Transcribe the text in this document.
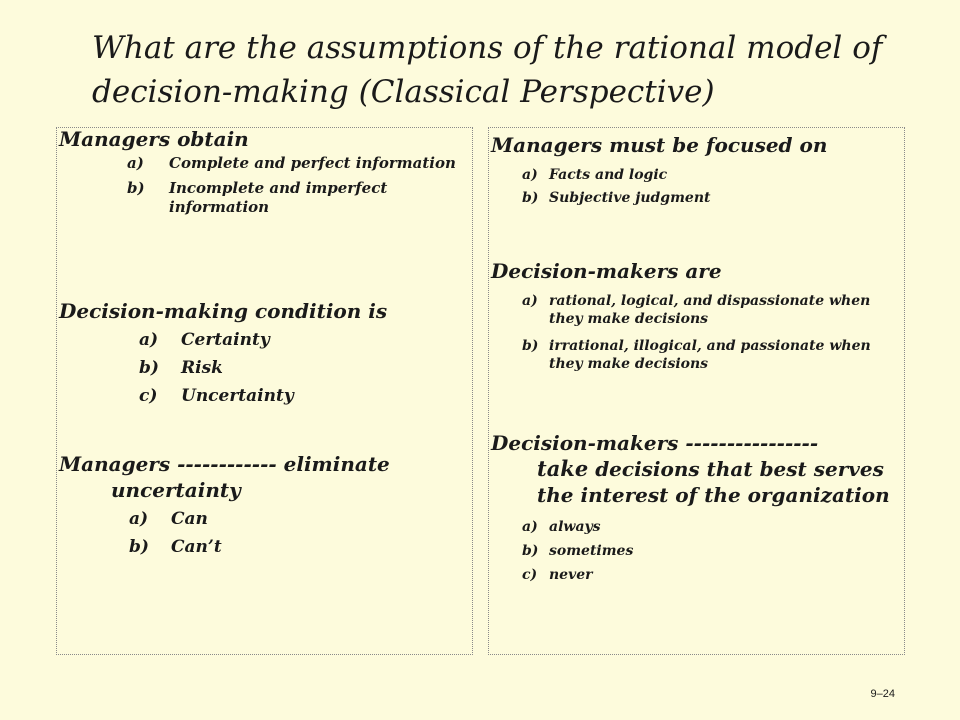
What are the assumptions of the rational model of decision-making (Classical Perspective)
Managers obtain
a) Complete and perfect information
b) Incomplete and imperfect information
Decision-making condition is
a) Certainty
b) Risk
c) Uncertainty
Managers ------------ eliminate
uncertainty
a) Can
b) Can’t
Managers must be focused on
a) Facts and logic
b) Subjective judgment
Decision-makers are
a) rational, logical, and dispassionate when they make decisions
b) irrational, illogical, and passionate when they make decisions
Decision-makers ----------------
take decisions that best serves the interest of the organization
a) always
b) sometimes
c) never
9–24
